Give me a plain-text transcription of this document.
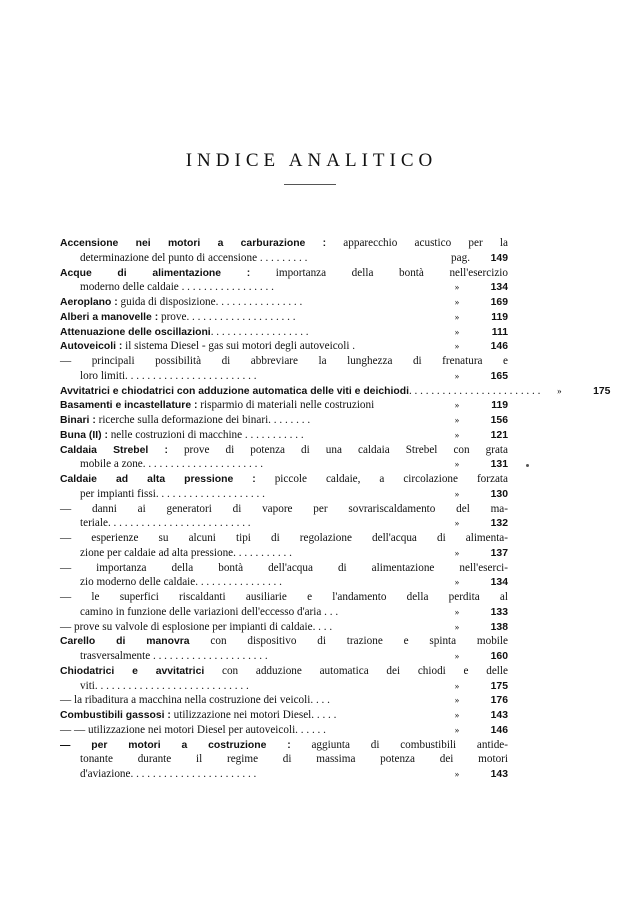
INDICE ANALITICO
Accensione nei motori a carburazione : apparecchio acustico per la
determinazione del punto di accensione . . . . . . . . .	pag.	149
Acque di alimentazione : importanza della bontà nell'esercizio
moderno delle caldaie . . . . . . . . . . . . . . . . .	»	134
Aeroplano : guida di disposizione. . . . . . . . . . . . . . . .	»	169
Alberi a manovelle : prove. . . . . . . . . . . . . . . . . . . .	»	119
Attenuazione delle oscillazioni. . . . . . . . . . . . . . . . . .	»	111
Autoveicoli : il sistema Diesel - gas sui motori degli autoveicoli .	»	146
— principali possibilità di abbreviare la lunghezza di frenatura e
loro limiti. . . . . . . . . . . . . . . . . . . . . . . .	»	165
Avvitatrici e chiodatrici con adduzione automatica delle viti e deichiodi. . . . . . . . . . . . . . . . . . . . . . . .	»	175
Basamenti e incastellature : risparmio di materiali nelle costruzioni	»	119
Binari : ricerche sulla deformazione dei binari. . . . . . . .	»	156
Buna (II) : nelle costruzioni di macchine . . . . . . . . . . .	»	121
Caldaia Strebel : prove di potenza di una caldaia Strebel con grata
mobile a zone. . . . . . . . . . . . . . . . . . . . . .	»	131
Caldaie ad alta pressione : piccole caldaie, a circolazione forzata
per impianti fissi. . . . . . . . . . . . . . . . . . . .	»	130
— danni ai generatori di vapore per sovrariscaldamento del ma-
teriale. . . . . . . . . . . . . . . . . . . . . . . . . .	»	132
— esperienze su alcuni tipi di regolazione dell'acqua di alimenta-
zione per caldaie ad alta pressione. . . . . . . . . . .	»	137
— importanza della bontà dell'acqua di alimentazione nell'eserci-
zio moderno delle caldaie. . . . . . . . . . . . . . . .	»	134
— le superfici riscaldanti ausiliarie e l'andamento della perdita al
camino in funzione delle variazioni dell'eccesso d'aria . . .	»	133
— prove su valvole di esplosione per impianti di caldaie. . . .	»	138
Carello di manovra con dispositivo di trazione e spinta mobile
trasversalmente . . . . . . . . . . . . . . . . . . . . .	»	160
Chiodatrici e avvitatrici con adduzione automatica dei chiodi e delle
viti. . . . . . . . . . . . . . . . . . . . . . . . . . . .	»	175
— la ribaditura a macchina nella costruzione dei veicoli. . . .	»	176
Combustibili gassosi : utilizzazione nei motori Diesel. . . . .	»	143
— — utilizzazione nei motori Diesel per autoveicoli. . . . . .	»	146
— per motori a costruzione : aggiunta di combustibili antide-
tonante durante il regime di massima potenza dei motori
d'aviazione. . . . . . . . . . . . . . . . . . . . . . .	»	143
